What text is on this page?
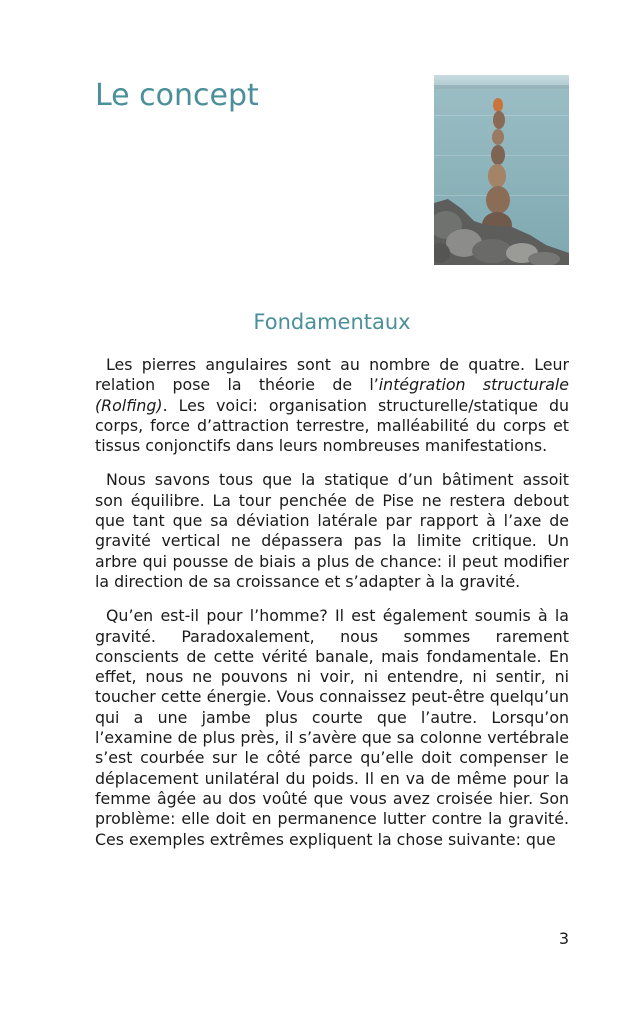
Le concept
Fondamentaux

Les pierres angulaires sont au nombre de quatre. Leur relation pose la théorie de l’intégration structurale (Rolfing). Les voici: organisation structurelle/statique du corps, force d’attraction terrestre, malléabilité du corps et tissus conjonctifs dans leurs nombreuses manifestations.

Nous savons tous que la statique d’un bâtiment assoit son équilibre. La tour penchée de Pise ne restera debout que tant que sa déviation latérale par rapport à l’axe de gravité vertical ne dépassera pas la limite critique. Un arbre qui pousse de biais a plus de chance: il peut modifier la direction de sa croissance et s’adapter à la gravité.

Qu’en est-il pour l’homme? Il est également soumis à la gravité. Paradoxalement, nous sommes rarement conscients de cette vérité banale, mais fondamentale. En effet, nous ne pouvons ni voir, ni entendre, ni sentir, ni toucher cette énergie. Vous connaissez peut-être quelqu’un qui a une jambe plus courte que l’autre. Lorsqu’on l’examine de plus près, il s’avère que sa colonne vertébrale s’est courbée sur le côté parce qu’elle doit compenser le déplacement unilatéral du poids. Il en va de même pour la femme âgée au dos voûté que vous avez croisée hier. Son problème: elle doit en permanence lutter contre la gravité. Ces exemples extrêmes expliquent la chose suivante: que

3
